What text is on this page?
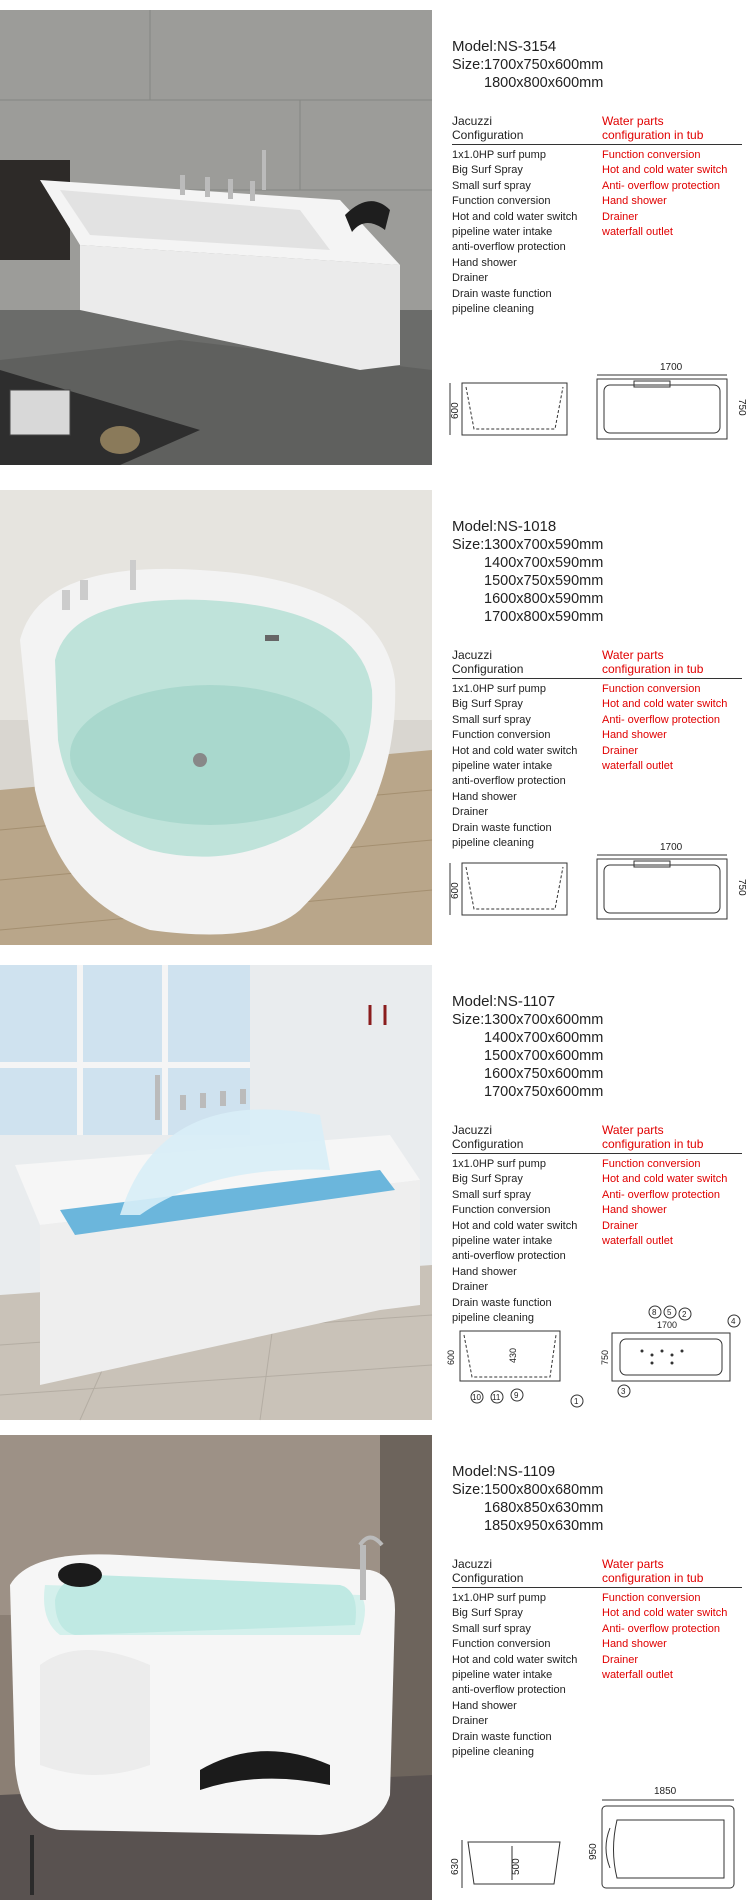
Model:NS-3154
Size: 1700x750x600mm
1800x800x600mm
Jacuzzi
Configuration
Water parts
configuration in tub
1x1.0HP surf pump
Big Surf Spray
Small surf spray
Function conversion
Hot and cold water switch
pipeline water intake
anti-overflow protection
Hand shower
Drainer
Drain waste function
pipeline cleaning
Function conversion
Hot and cold water switch
Anti- overflow protection
Hand shower
Drainer
waterfall outlet
600
1700
750
Model:NS-1018
Size: 1300x700x590mm
1400x700x590mm
1500x750x590mm
1600x800x590mm
1700x800x590mm
Jacuzzi
Configuration
Water parts
configuration in tub
1x1.0HP surf pump
Big Surf Spray
Small surf spray
Function conversion
Hot and cold water switch
pipeline water intake
anti-overflow protection
Hand shower
Drainer
Drain waste function
pipeline cleaning
Function conversion
Hot and cold water switch
Anti- overflow protection
Hand shower
Drainer
waterfall outlet
600
1700
750
Model:NS-1107
Size: 1300x700x600mm
1400x700x600mm
1500x700x600mm
1600x750x600mm
1700x750x600mm
Jacuzzi
Configuration
Water parts
configuration in tub
1x1.0HP surf pump
Big Surf Spray
Small surf spray
Function conversion
Hot and cold water switch
pipeline water intake
anti-overflow protection
Hand shower
Drainer
Drain waste function
pipeline cleaning
Function conversion
Hot and cold water switch
Anti- overflow protection
Hand shower
Drainer
waterfall outlet
600	430
10 11 9
1
8 5 2
4
1700
750
3
Model:NS-1109
Size: 1500x800x680mm
1680x850x630mm
1850x950x630mm
Jacuzzi
Configuration
Water parts
configuration in tub
1x1.0HP surf pump
Big Surf Spray
Small surf spray
Function conversion
Hot and cold water switch
pipeline water intake
anti-overflow protection
Hand shower
Drainer
Drain waste function
pipeline cleaning
Function conversion
Hot and cold water switch
Anti- overflow protection
Hand shower
Drainer
waterfall outlet
630	500
1850
950
